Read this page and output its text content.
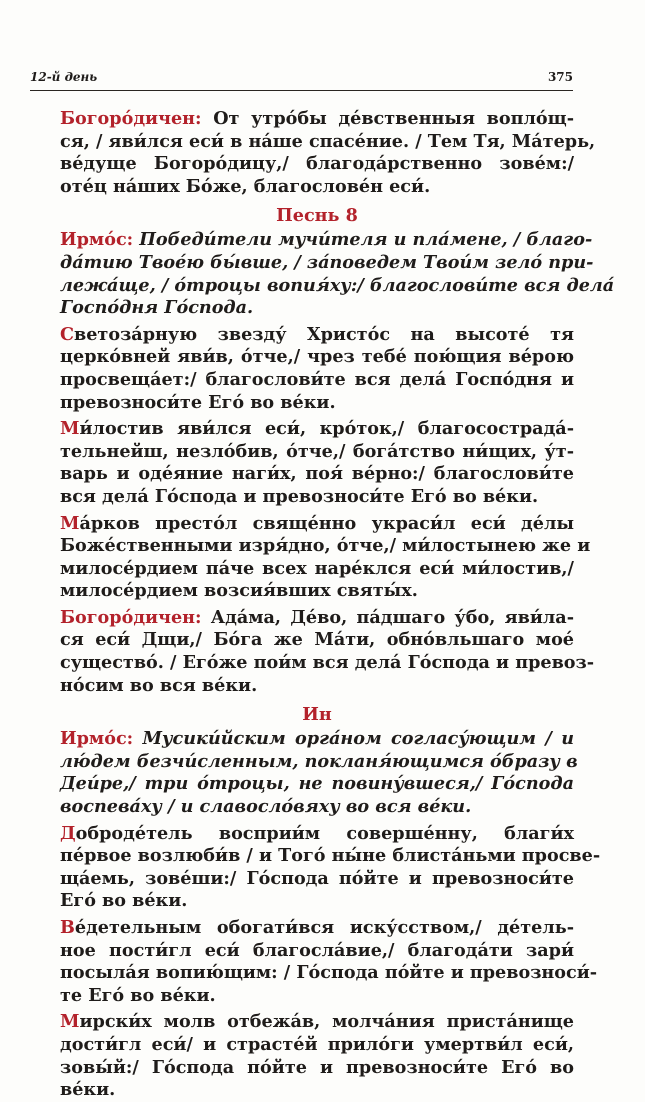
12-й день	375
Богоро́дичен: От утро́бы де́вственныя вопло́щ-
ся, / яви́лся еси́ в на́ше спасе́ние. / Тем Тя, Ма́терь,
ве́дуще Богоро́дицу,/ благода́рственно зове́м:/
оте́ц на́ших Бо́же, благослове́н еси́.
Песнь 8
Ирмо́с: Победи́тели мучи́теля и пла́мене, / благо-
да́тию Твое́ю бы́вше, / за́поведем Твои́м зело́ при-
лежа́ще, / о́троцы вопия́ху:/ благослови́те вся дела́
Госпо́дня Го́спода.
Светоза́рную звезду́ Христо́с на высоте́ тя
церко́вней яви́в, о́тче,/ чрез тебе́ пою́щия ве́рою
просвеща́ет:/ благослови́те вся дела́ Госпо́дня и
превозноси́те Его́ во ве́ки.
Ми́лостив яви́лся еси́, кро́ток,/ благосострада́-
тельнейш, незло́бив, о́тче,/ бога́тство ни́щих, у́т-
варь и оде́яние наги́х, поя́ ве́рно:/ благослови́те
вся дела́ Го́спода и превозноси́те Его́ во ве́ки.
Ма́рков престо́л свяще́нно украси́л еси́ де́лы
Боже́ственными изря́дно, о́тче,/ ми́лостынею же и
милосе́рдием па́че всех наре́клся еси́ ми́лостив,/
милосе́рдием возсия́вших святы́х.
Богоро́дичен: Ада́ма, Де́во, па́дшаго у́бо, яви́ла-
ся еси́ Дщи,/ Бо́га же Ма́ти, обно́вльшаго мое́
существо́. / Его́же пои́м вся дела́ Го́спода и превоз-
но́сим во вся ве́ки.
Ин
Ирмо́с: Мусики́йским орга́ном согласу́ющим / и
лю́дем безчи́сленным, покланя́ющимся о́бразу в
Деи́ре,/ три о́троцы, не повину́вшеся,/ Го́спода
воспева́ху / и славосло́вяху во вся ве́ки.
Доброде́тель восприи́м соверше́нну, благи́х
пе́рвое возлюби́в / и Того́ ны́не блиста́ньми просве-
ща́емь, зове́ши:/ Го́спода по́йте и превозноси́те
Его́ во ве́ки.
Ве́детельным обогати́вся иску́сством,/ де́тель-
ное пости́гл еси́ благосла́вие,/ благода́ти зари́
посыла́я вопию́щим: / Го́спода по́йте и превозноси́-
те Его́ во ве́ки.
Мирски́х молв отбежа́в, молча́ния приста́нище
дости́гл еси́/ и страсте́й прило́ги умертви́л еси́,
зовы́й:/ Го́спода по́йте и превозноси́те Его́ во
ве́ки.
